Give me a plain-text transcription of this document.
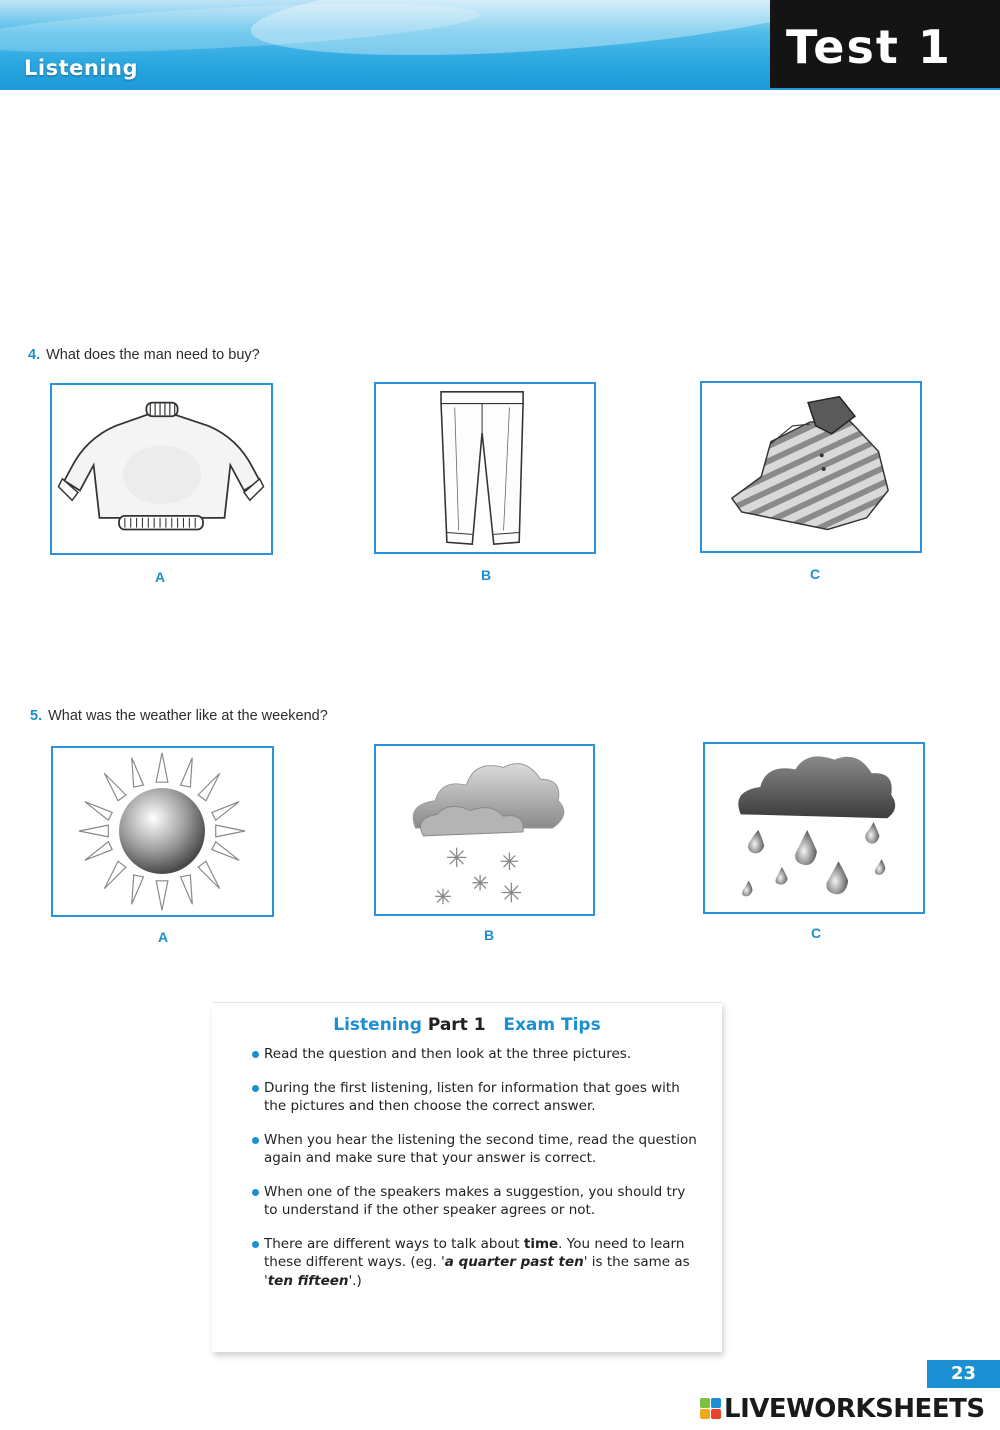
Listening	Test 1
4. What does the man need to buy?
A	B	C
5. What was the weather like at the weekend?
A	B	C
Listening Part 1 Exam Tips
Read the question and then look at the three pictures.
During the first listening, listen for information that goes with the pictures and then choose the correct answer.
When you hear the listening the second time, read the question again and make sure that your answer is correct.
When one of the speakers makes a suggestion, you should try to understand if the other speaker agrees or not.
There are different ways to talk about time. You need to learn these different ways. (eg. 'a quarter past ten' is the same as 'ten fifteen'.)
23
LIVEWORKSHEETS
